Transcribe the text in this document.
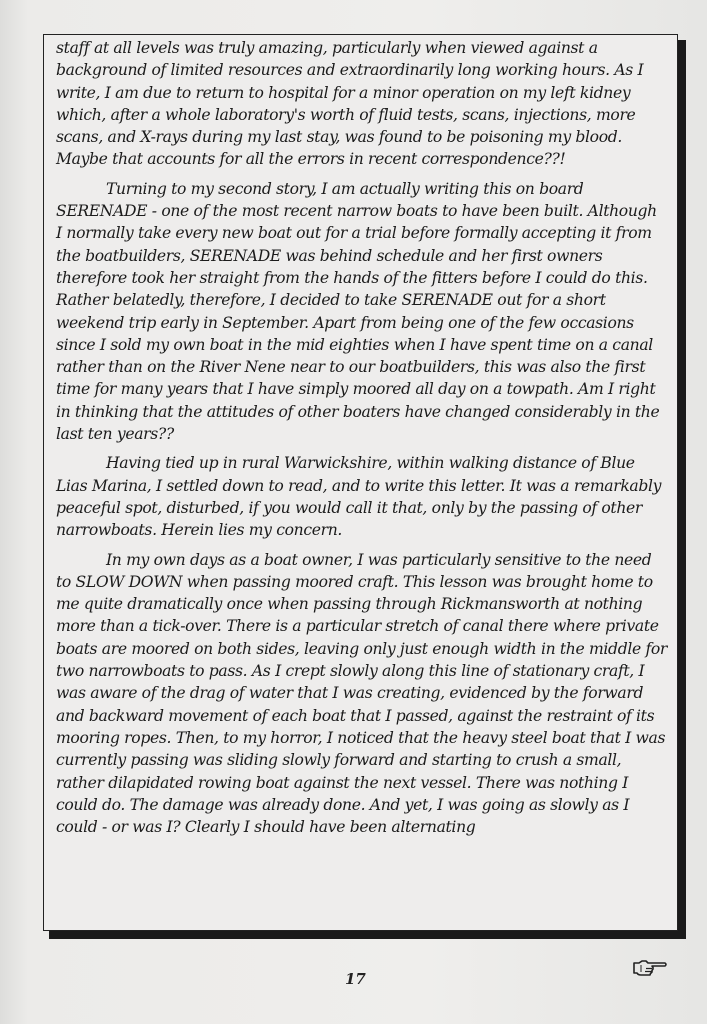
staff at all levels was truly amazing, particularly when viewed against a background of limited resources and extraordinarily long working hours. As I write, I am due to return to hospital for a minor operation on my left kidney which, after a whole laboratory's worth of fluid tests, scans, injections, more scans, and X-rays during my last stay, was found to be poisoning my blood. Maybe that accounts for all the errors in recent correspondence??!

Turning to my second story, I am actually writing this on board SERENADE - one of the most recent narrow boats to have been built. Although I normally take every new boat out for a trial before formally accepting it from the boatbuilders, SERENADE was behind schedule and her first owners therefore took her straight from the hands of the fitters before I could do this. Rather belatedly, therefore, I decided to take SERENADE out for a short weekend trip early in September. Apart from being one of the few occasions since I sold my own boat in the mid eighties when I have spent time on a canal rather than on the River Nene near to our boatbuilders, this was also the first time for many years that I have simply moored all day on a towpath. Am I right in thinking that the attitudes of other boaters have changed considerably in the last ten years??

Having tied up in rural Warwickshire, within walking distance of Blue Lias Marina, I settled down to read, and to write this letter. It was a remarkably peaceful spot, disturbed, if you would call it that, only by the passing of other narrowboats. Herein lies my concern.

In my own days as a boat owner, I was particularly sensitive to the need to SLOW DOWN when passing moored craft. This lesson was brought home to me quite dramatically once when passing through Rickmansworth at nothing more than a tick-over. There is a particular stretch of canal there where private boats are moored on both sides, leaving only just enough width in the middle for two narrowboats to pass. As I crept slowly along this line of stationary craft, I was aware of the drag of water that I was creating, evidenced by the forward and backward movement of each boat that I passed, against the restraint of its mooring ropes. Then, to my horror, I noticed that the heavy steel boat that I was currently passing was sliding slowly forward and starting to crush a small, rather dilapidated rowing boat against the next vessel. There was nothing I could do. The damage was already done. And yet, I was going as slowly as I could - or was I? Clearly I should have been alternating

17
